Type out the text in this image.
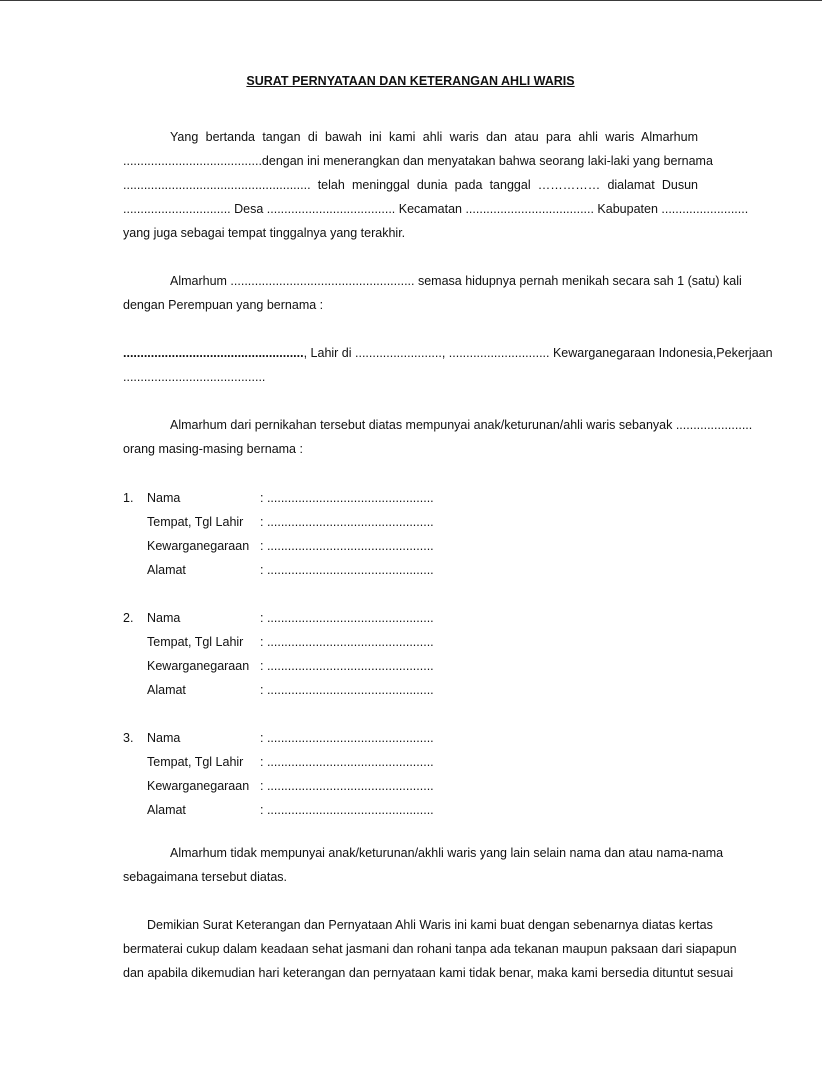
SURAT PERNYATAAN DAN KETERANGAN AHLI WARIS
Yang bertanda tangan di bawah ini kami ahli waris dan atau para ahli waris Almarhum
........................................dengan ini menerangkan dan menyatakan bahwa seorang laki-laki yang bernama
...................................................... telah meninggal dunia pada tanggal …………… dialamat Dusun
............................... Desa ..................................... Kecamatan ..................................... Kabupaten .........................
yang juga sebagai tempat tinggalnya yang terakhir.
Almarhum ..................................................... semasa hidupnya pernah menikah secara sah 1 (satu) kali
dengan Perempuan yang bernama :
...................................................., Lahir di ........................., ............................. Kewarganegaraan Indonesia,Pekerjaan
.........................................
Almarhum dari pernikahan tersebut diatas mempunyai anak/keturunan/ahli waris sebanyak ......................
orang masing-masing bernama :
1. Nama	: ................................................
Tempat, Tgl Lahir : ................................................
Kewarganegaraan : ................................................
Alamat	: ................................................
2. Nama	: ................................................
Tempat, Tgl Lahir : ................................................
Kewarganegaraan : ................................................
Alamat	: ................................................
3. Nama	: ................................................
Tempat, Tgl Lahir : ................................................
Kewarganegaraan : ................................................
Alamat	: ................................................
Almarhum tidak mempunyai anak/keturunan/akhli waris yang lain selain nama dan atau nama-nama
sebagaimana tersebut diatas.
Demikian Surat Keterangan dan Pernyataan Ahli Waris ini kami buat dengan sebenarnya diatas kertas
bermaterai cukup dalam keadaan sehat jasmani dan rohani tanpa ada tekanan maupun paksaan dari siapapun
dan apabila dikemudian hari keterangan dan pernyataan kami tidak benar, maka kami bersedia dituntut sesuai
